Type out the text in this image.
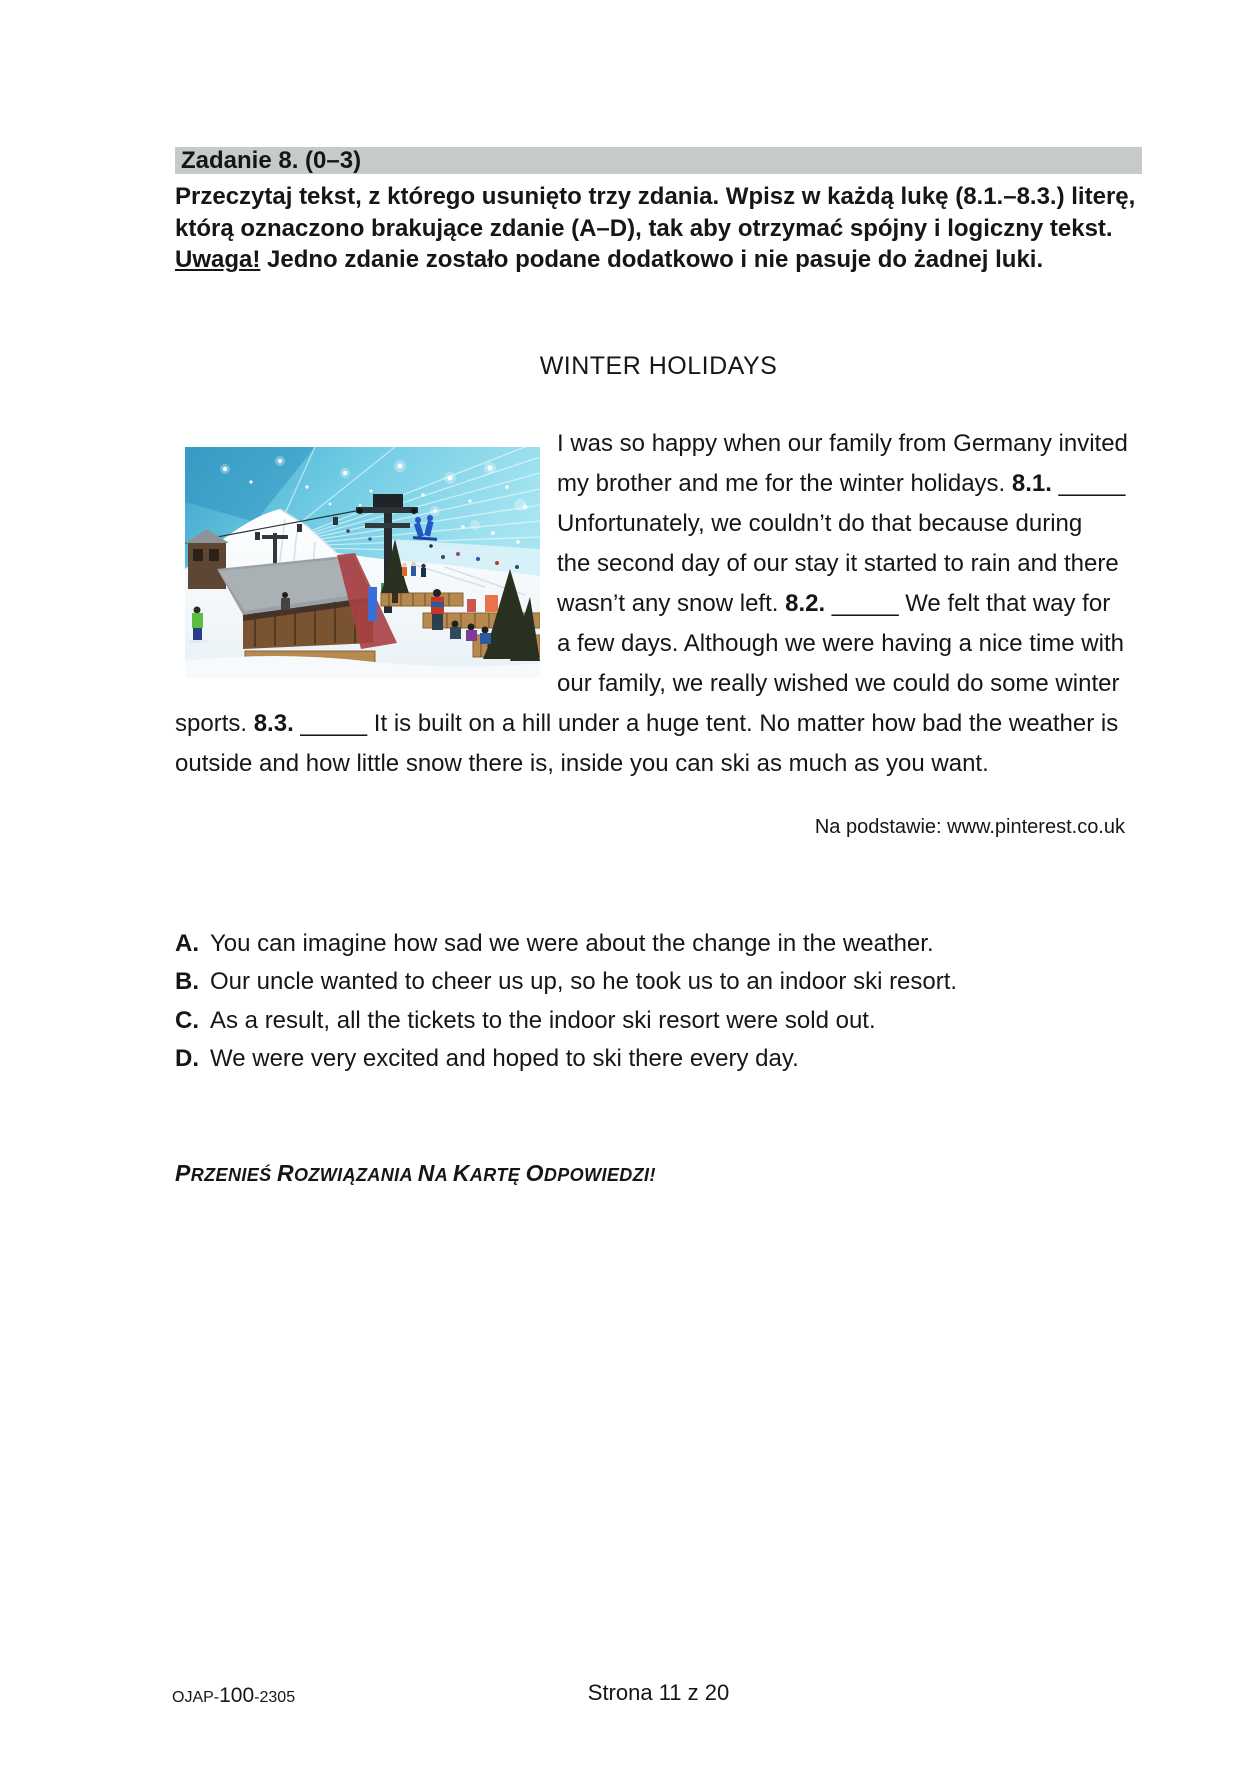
Zadanie 8. (0–3)
Przeczytaj tekst, z którego usunięto trzy zdania. Wpisz w każdą lukę (8.1.–8.3.) literę,
którą oznaczono brakujące zdanie (A–D), tak aby otrzymać spójny i logiczny tekst.
Uwaga! Jedno zdanie zostało podane dodatkowo i nie pasuje do żadnej luki.
WINTER HOLIDAYS
I was so happy when our family from Germany invited
my brother and me for the winter holidays. 8.1. _____
Unfortunately, we couldn’t do that because during
the second day of our stay it started to rain and there
wasn’t any snow left. 8.2. _____ We felt that way for
a few days. Although we were having a nice time with
our family, we really wished we could do some winter
sports. 8.3. _____ It is built on a hill under a huge tent. No matter how bad the weather is
outside and how little snow there is, inside you can ski as much as you want.
Na podstawie: www.pinterest.co.uk
A. You can imagine how sad we were about the change in the weather.
B. Our uncle wanted to cheer us up, so he took us to an indoor ski resort.
C. As a result, all the tickets to the indoor ski resort were sold out.
D. We were very excited and hoped to ski there every day.
PRZENIEŚ ROZWIĄZANIA NA KARTĘ ODPOWIEDZI!
OJAP-100-2305	Strona 11 z 20
